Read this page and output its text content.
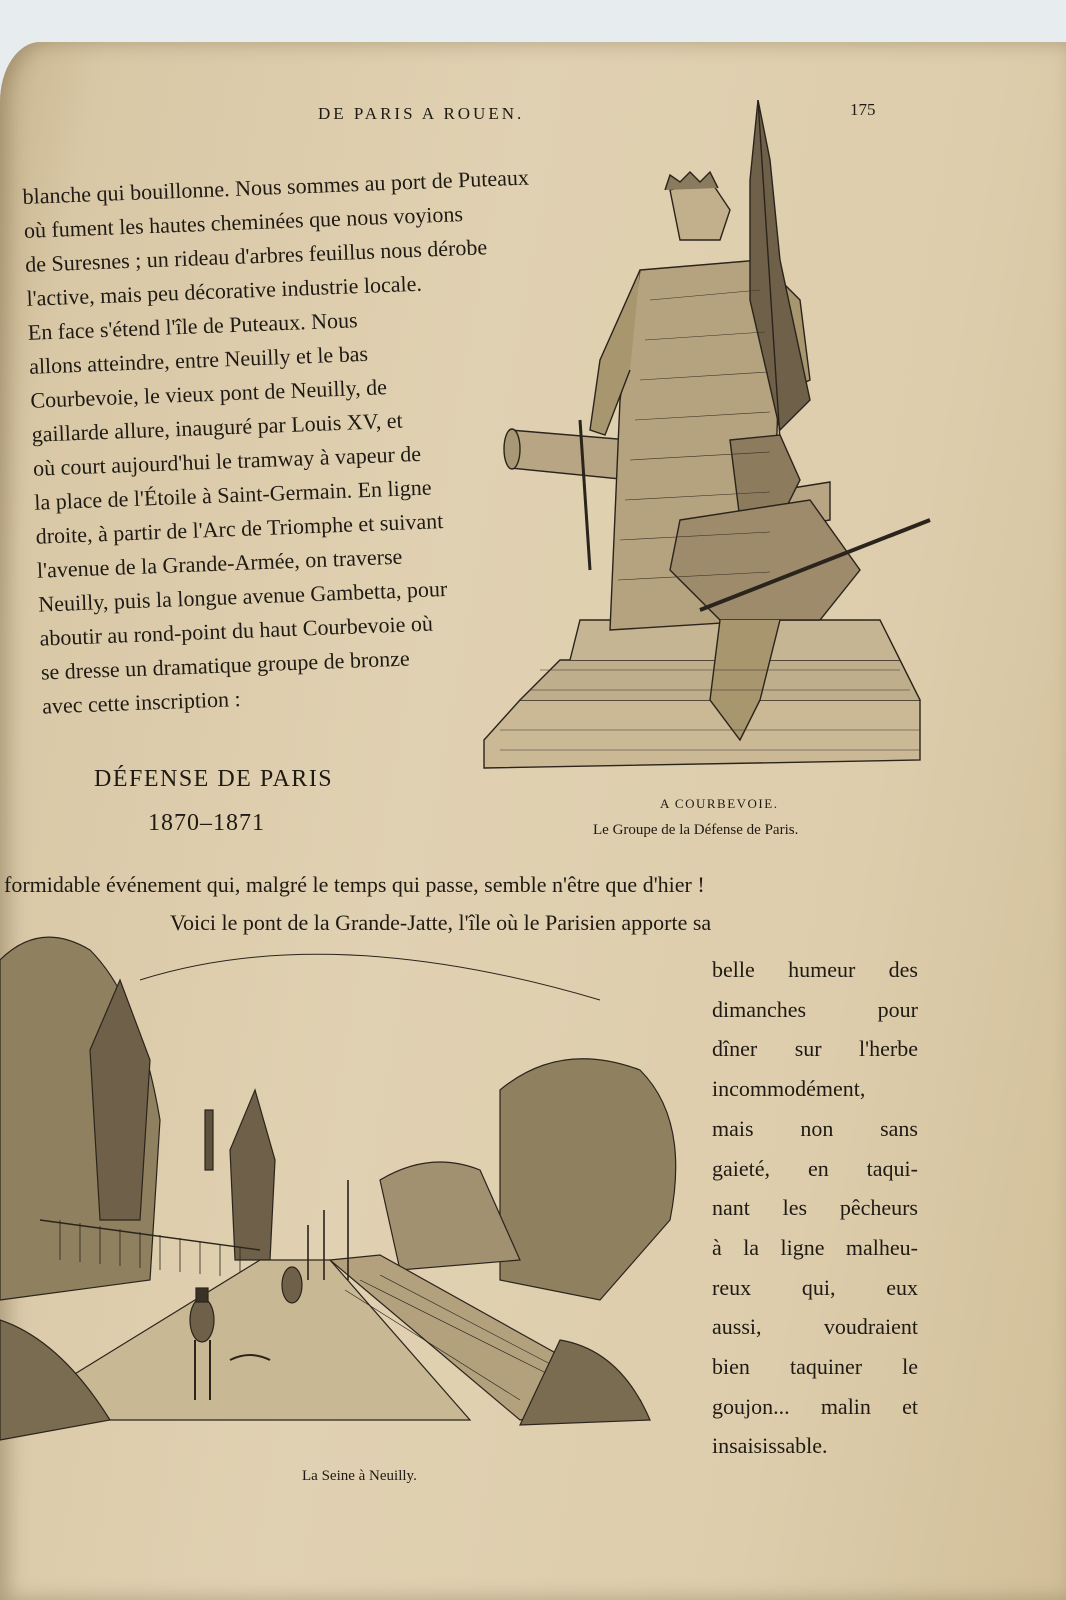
DE PARIS A ROUEN.	175
blanche qui bouillonne. Nous sommes au port de Puteaux
où fument les hautes cheminées que nous voyions
de Suresnes ; un rideau d'arbres feuillus nous dérobe
l'active, mais peu décorative industrie locale.
En face s'étend l'île de Puteaux. Nous
allons atteindre, entre Neuilly et le bas
Courbevoie, le vieux pont de Neuilly, de
gaillarde allure, inauguré par Louis XV, et
où court aujourd'hui le tramway à vapeur de
la place de l'Étoile à Saint-Germain. En ligne
droite, à partir de l'Arc de Triomphe et suivant
l'avenue de la Grande-Armée, on traverse
Neuilly, puis la longue avenue Gambetta, pour
aboutir au rond-point du haut Courbevoie où
se dresse un dramatique groupe de bronze
avec cette inscription :
DÉFENSE DE PARIS
1870–1871
A COURBEVOIE.
Le Groupe de la Défense de Paris.
formidable événement qui, malgré le temps qui passe, semble n'être que d'hier !
Voici le pont de la Grande-Jatte, l'île où le Parisien apporte sa
belle humeur des
dimanches pour
dîner sur l'herbe
incommodément,
mais non sans
gaieté, en taqui-
nant les pêcheurs
à la ligne malheu-
reux qui, eux
aussi, voudraient
bien taquiner le
goujon... malin et
insaisissable.
La Seine à Neuilly.
